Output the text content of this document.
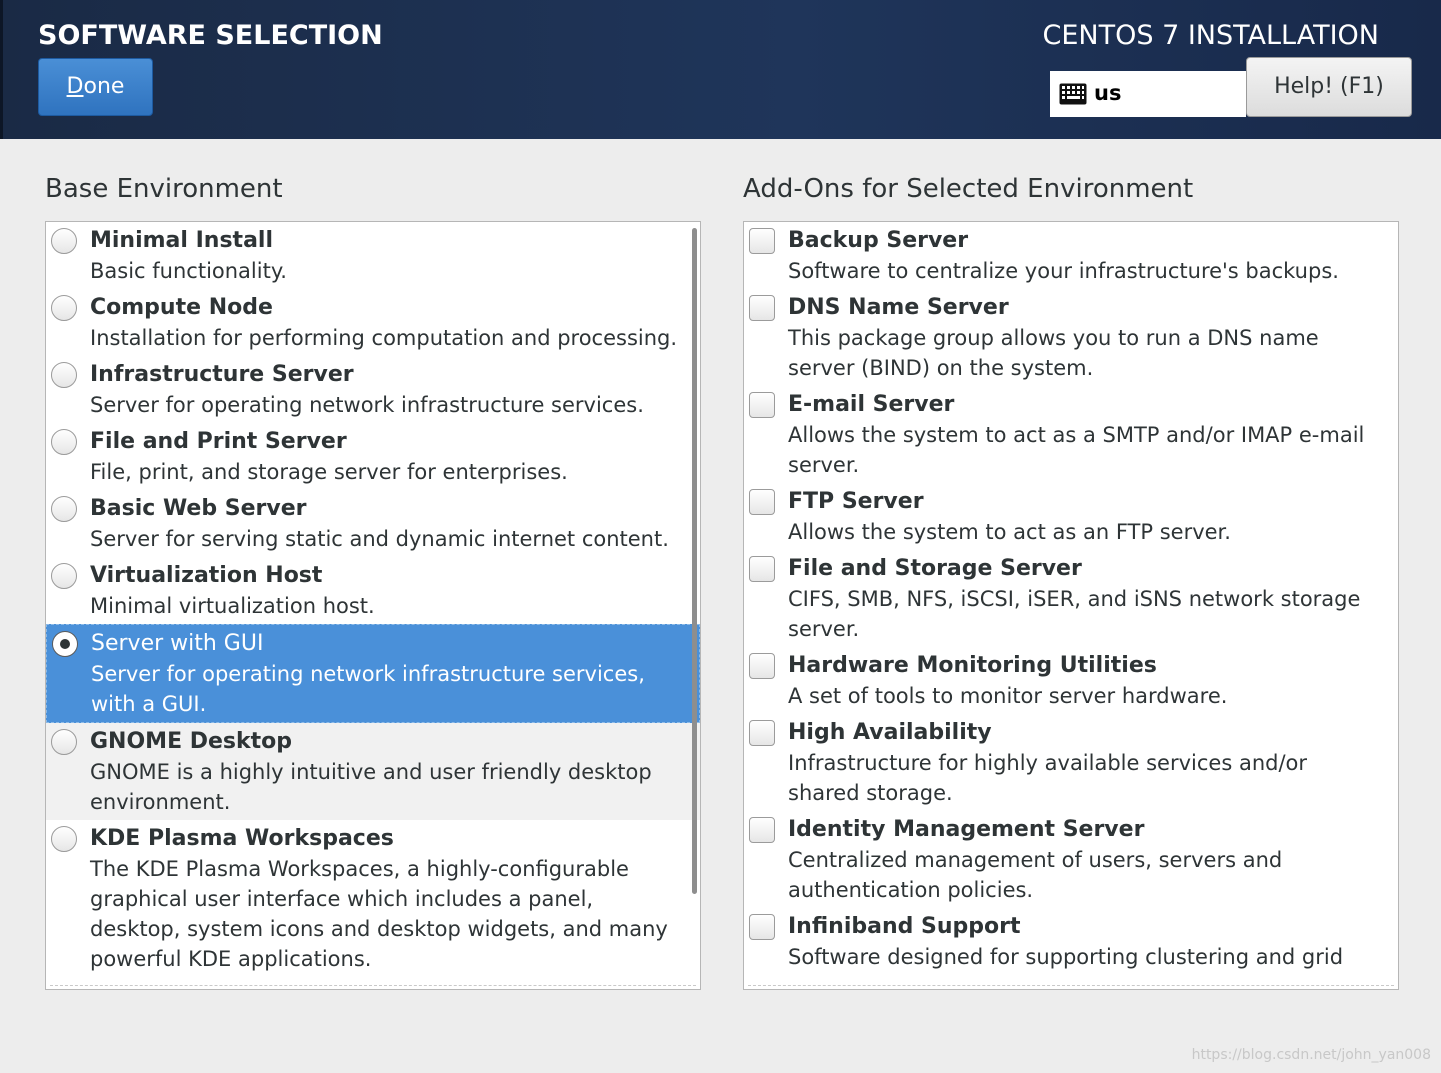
SOFTWARE SELECTION
Done
CENTOS 7 INSTALLATION
us	Help! (F1)
Base Environment	Add-Ons for Selected Environment
Minimal Install
Basic functionality.
Compute Node
Installation for performing computation and processing.
Infrastructure Server
Server for operating network infrastructure services.
File and Print Server
File, print, and storage server for enterprises.
Basic Web Server
Server for serving static and dynamic internet content.
Virtualization Host
Minimal virtualization host.
Server with GUI
Server for operating network infrastructure services, with a GUI.
GNOME Desktop
GNOME is a highly intuitive and user friendly desktop environment.
KDE Plasma Workspaces
The KDE Plasma Workspaces, a highly-configurable graphical user interface which includes a panel, desktop, system icons and desktop widgets, and many powerful KDE applications.
Backup Server
Software to centralize your infrastructure's backups.
DNS Name Server
This package group allows you to run a DNS name server (BIND) on the system.
E-mail Server
Allows the system to act as a SMTP and/or IMAP e-mail server.
FTP Server
Allows the system to act as an FTP server.
File and Storage Server
CIFS, SMB, NFS, iSCSI, iSER, and iSNS network storage server.
Hardware Monitoring Utilities
A set of tools to monitor server hardware.
High Availability
Infrastructure for highly available services and/or shared storage.
Identity Management Server
Centralized management of users, servers and authentication policies.
Infiniband Support
Software designed for supporting clustering and grid
https://blog.csdn.net/john_yan008
